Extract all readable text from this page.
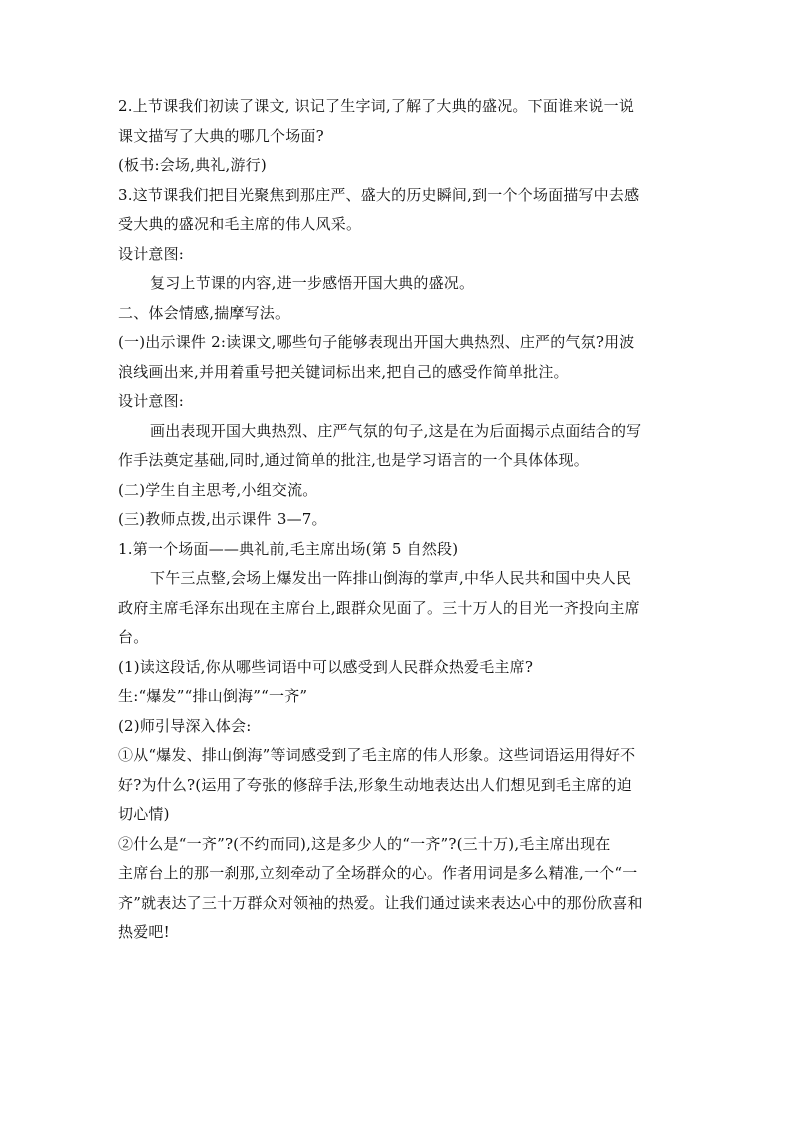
2.上节课我们初读了课文, 识记了生字词,了解了大典的盛况。下面谁来说一说
课文描写了大典的哪几个场面?
(板书:会场,典礼,游行)
3.这节课我们把目光聚焦到那庄严、盛大的历史瞬间,到一个个场面描写中去感
受大典的盛况和毛主席的伟人风采。
设计意图:
复习上节课的内容,进一步感悟开国大典的盛况。
二、体会情感,揣摩写法。
(一)出示课件 2:读课文,哪些句子能够表现出开国大典热烈、庄严的气氛?用波
浪线画出来,并用着重号把关键词标出来,把自己的感受作简单批注。
设计意图:
画出表现开国大典热烈、庄严气氛的句子,这是在为后面揭示点面结合的写
作手法奠定基础,同时,通过简单的批注,也是学习语言的一个具体体现。
(二)学生自主思考,小组交流。
(三)教师点拨,出示课件 3—7。
1.第一个场面——典礼前,毛主席出场(第 5 自然段)
下午三点整,会场上爆发出一阵排山倒海的掌声,中华人民共和国中央人民
政府主席毛泽东出现在主席台上,跟群众见面了。三十万人的目光一齐投向主席
台。
(1)读这段话,你从哪些词语中可以感受到人民群众热爱毛主席?
生:“爆发”“排山倒海”“一齐”
(2)师引导深入体会:
①从“爆发、排山倒海”等词感受到了毛主席的伟人形象。这些词语运用得好不
好?为什么?(运用了夸张的修辞手法,形象生动地表达出人们想见到毛主席的迫
切心情)
②什么是“一齐”?(不约而同),这是多少人的“一齐”?(三十万),毛主席出现在
主席台上的那一刹那,立刻牵动了全场群众的心。作者用词是多么精准,一个“一
齐”就表达了三十万群众对领袖的热爱。让我们通过读来表达心中的那份欣喜和
热爱吧!
